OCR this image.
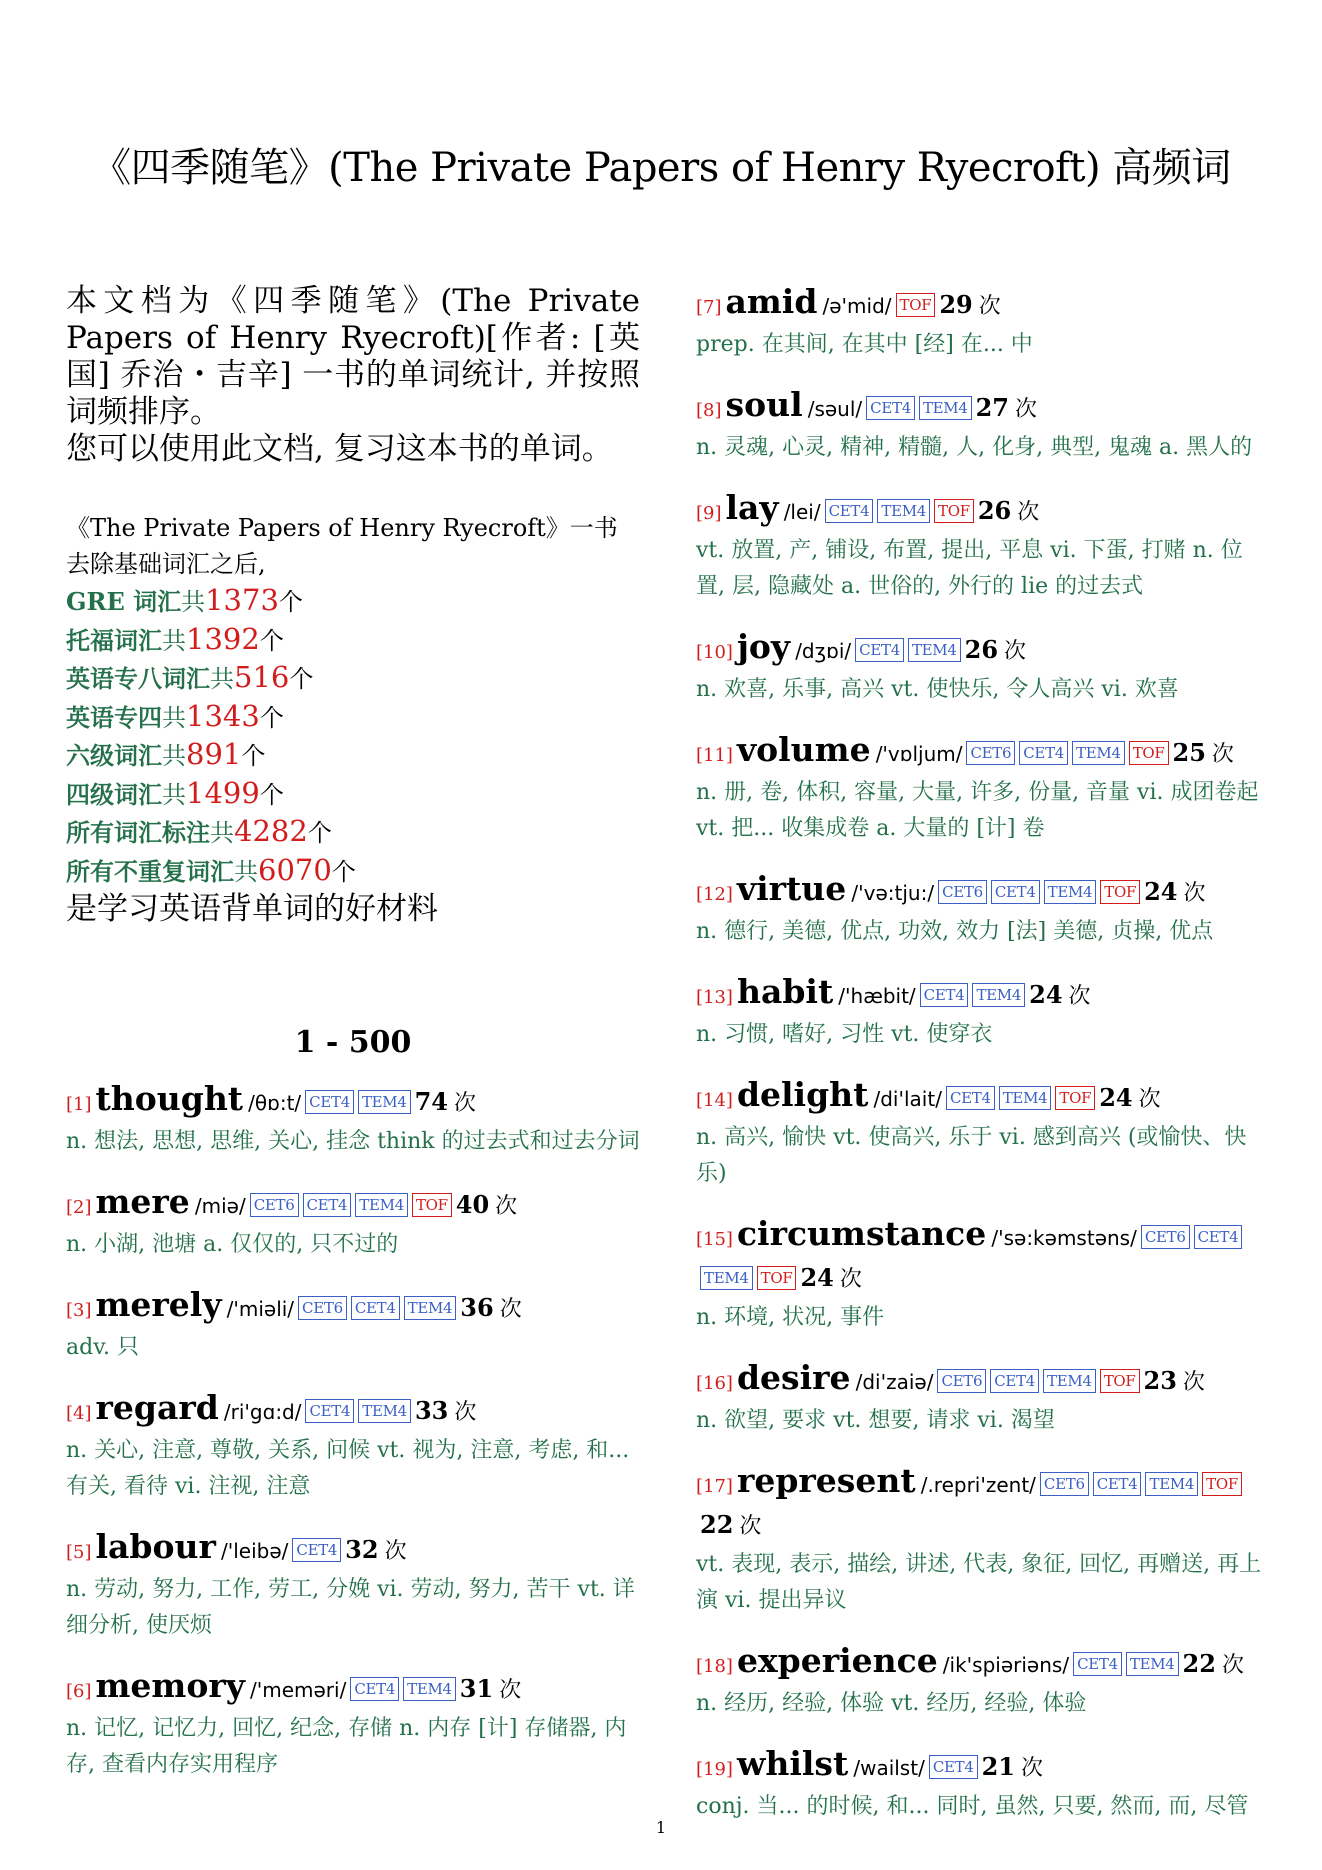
《四季随笔》(The Private Papers of Henry Ryecroft) 高频词
本文档为《四季随笔》(The Private Papers of Henry Ryecroft)[作者: [英国] 乔治・吉辛] 一书的单词统计, 并按照词频排序。
您可以使用此文档, 复习这本书的单词。
《The Private Papers of Henry Ryecroft》一书去除基础词汇之后,
GRE 词汇共1373个
托福词汇共1392个
英语专八词汇共516个
英语专四共1343个
六级词汇共891个
四级词汇共1499个
所有词汇标注共4282个
所有不重复词汇共6070个
是学习英语背单词的好材料
1 - 500
[1] thought /θɒ:t/ CET4 TEM4 74 次
n. 想法, 思想, 思维, 关心, 挂念 think 的过去式和过去分词
[2] mere /miə/ CET6 CET4 TEM4 TOF 40 次
n. 小湖, 池塘 a. 仅仅的, 只不过的
[3] merely /'miəli/ CET6 CET4 TEM4 36 次
adv. 只
[4] regard /ri'gɑ:d/ CET4 TEM4 33 次
n. 关心, 注意, 尊敬, 关系, 问候 vt. 视为, 注意, 考虑, 和...有关, 看待 vi. 注视, 注意
[5] labour /'leibə/ CET4 32 次
n. 劳动, 努力, 工作, 劳工, 分娩 vi. 劳动, 努力, 苦干 vt. 详细分析, 使厌烦
[6] memory /'meməri/ CET4 TEM4 31 次
n. 记忆, 记忆力, 回忆, 纪念, 存储 n. 内存 [计] 存储器, 内存, 查看内存实用程序
[7] amid /ə'mid/ TOF 29 次
prep. 在其间, 在其中 [经] 在... 中
[8] soul /səul/ CET4 TEM4 27 次
n. 灵魂, 心灵, 精神, 精髓, 人, 化身, 典型, 鬼魂 a. 黑人的
[9] lay /lei/ CET4 TEM4 TOF 26 次
vt. 放置, 产, 铺设, 布置, 提出, 平息 vi. 下蛋, 打赌 n. 位置, 层, 隐藏处 a. 世俗的, 外行的 lie 的过去式
[10] joy /dʒɒi/ CET4 TEM4 26 次
n. 欢喜, 乐事, 高兴 vt. 使快乐, 令人高兴 vi. 欢喜
[11] volume /'vɒljum/ CET6 CET4 TEM4 TOF 25 次
n. 册, 卷, 体积, 容量, 大量, 许多, 份量, 音量 vi. 成团卷起 vt. 把... 收集成卷 a. 大量的 [计] 卷
[12] virtue /'və:tju:/ CET6 CET4 TEM4 TOF 24 次
n. 德行, 美德, 优点, 功效, 效力 [法] 美德, 贞操, 优点
[13] habit /'hæbit/ CET4 TEM4 24 次
n. 习惯, 嗜好, 习性 vt. 使穿衣
[14] delight /di'lait/ CET4 TEM4 TOF 24 次
n. 高兴, 愉快 vt. 使高兴, 乐于 vi. 感到高兴 (或愉快、快乐)
[15] circumstance /'sə:kəmstəns/ CET6 CET4TEM4 TOF 24 次
n. 环境, 状况, 事件
[16] desire /di'zaiə/ CET6 CET4 TEM4 TOF 23 次
n. 欲望, 要求 vt. 想要, 请求 vi. 渴望
[17] represent /.repri'zent/ CET6 CET4 TEM4 TOF22 次
vt. 表现, 表示, 描绘, 讲述, 代表, 象征, 回忆, 再赠送, 再上演 vi. 提出异议
[18] experience /ik'spiəriəns/ CET4 TEM4 22 次
n. 经历, 经验, 体验 vt. 经历, 经验, 体验
[19] whilst /wailst/ CET4 21 次
conj. 当... 的时候, 和... 同时, 虽然, 只要, 然而, 而, 尽管
1
